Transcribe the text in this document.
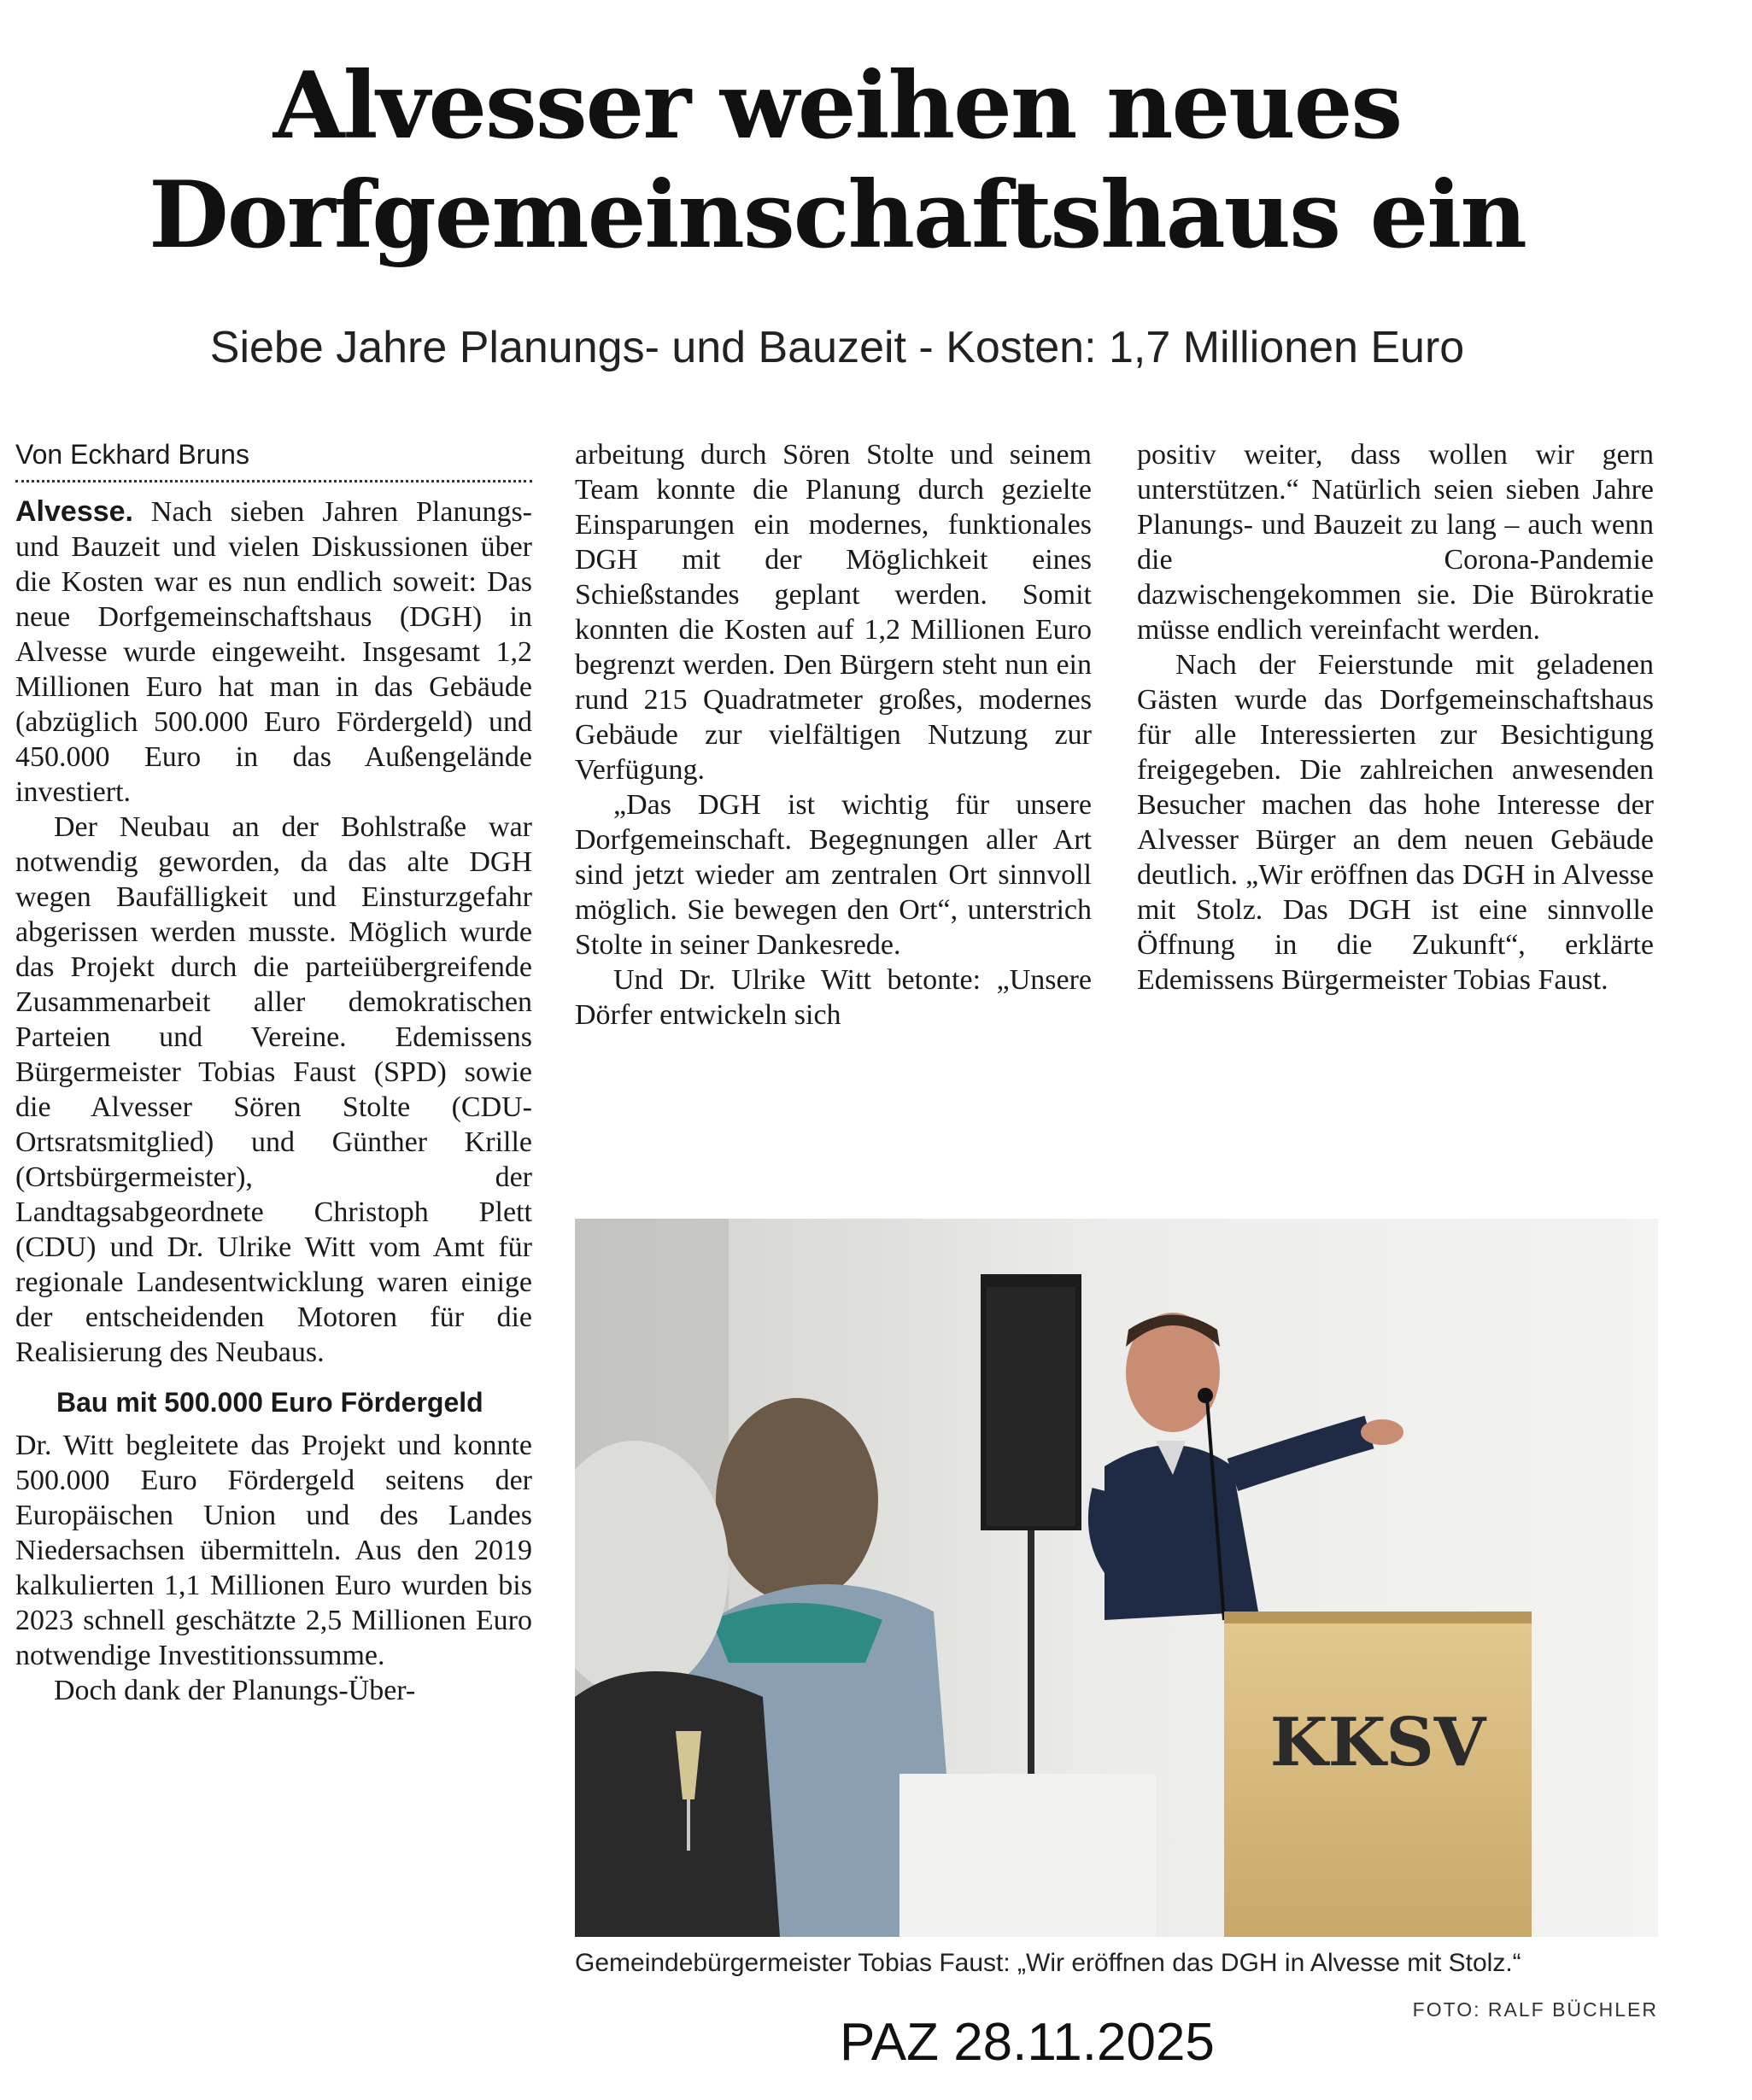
Alvesser weihen neues
Dorfgemeinschaftshaus ein
Siebe Jahre Planungs- und Bauzeit - Kosten: 1,7 Millionen Euro
Von Eckhard Bruns

Alvesse. Nach sieben Jahren Planungs-und Bauzeit und vielen Diskussionen über die Kosten war es nun endlich soweit: Das neue Dorfgemeinschaftshaus (DGH) in Alvesse wurde eingeweiht. Insgesamt 1,2 Millionen Euro hat man in das Gebäude (abzüglich 500.000 Euro Fördergeld) und 450.000 Euro in das Außengelände investiert.

Der Neubau an der Bohlstraße war notwendig geworden, da das alte DGH wegen Baufälligkeit und Einsturzgefahr abgerissen werden musste. Möglich wurde das Projekt durch die parteiübergreifende Zusammenarbeit aller demokratischen Parteien und Vereine. Edemissens Bürgermeister Tobias Faust (SPD) sowie die Alvesser Sören Stolte (CDU-Ortsratsmitglied) und Günther Krille (Ortsbürgermeister), der Landtagsabgeordnete Christoph Plett (CDU) und Dr. Ulrike Witt vom Amt für regionale Landesentwicklung waren einige der entscheidenden Motoren für die Realisierung des Neubaus.

Bau mit 500.000 Euro Fördergeld

Dr. Witt begleitete das Projekt und konnte 500.000 Euro Fördergeld seitens der Europäischen Union und des Landes Niedersachsen übermitteln. Aus den 2019 kalkulierten 1,1 Millionen Euro wurden bis 2023 schnell geschätzte 2,5 Millionen Euro notwendige Investitionssumme.

Doch dank der Planungs-Über-

arbeitung durch Sören Stolte und seinem Team konnte die Planung durch gezielte Einsparungen ein modernes, funktionales DGH mit der Möglichkeit eines Schießstandes geplant werden. Somit konnten die Kosten auf 1,2 Millionen Euro begrenzt werden. Den Bürgern steht nun ein rund 215 Quadratmeter großes, modernes Gebäude zur vielfältigen Nutzung zur Verfügung.

„Das DGH ist wichtig für unsere Dorfgemeinschaft. Begegnungen aller Art sind jetzt wieder am zentralen Ort sinnvoll möglich. Sie bewegen den Ort“, unterstrich Stolte in seiner Dankesrede.

Und Dr. Ulrike Witt betonte: „Unsere Dörfer entwickeln sich

positiv weiter, dass wollen wir gern unterstützen.“ Natürlich seien sieben Jahre Planungs- und Bauzeit zu lang – auch wenn die Corona-Pandemie dazwischengekommen sie. Die Bürokratie müsse endlich vereinfacht werden.

Nach der Feierstunde mit geladenen Gästen wurde das Dorfgemeinschaftshaus für alle Interessierten zur Besichtigung freigegeben. Die zahlreichen anwesenden Besucher machen das hohe Interesse der Alvesser Bürger an dem neuen Gebäude deutlich. „Wir eröffnen das DGH in Alvesse mit Stolz. Das DGH ist eine sinnvolle Öffnung in die Zukunft“, erklärte Edemissens Bürgermeister Tobias Faust.

KKSV
Gemeindebürgermeister Tobias Faust: „Wir eröffnen das DGH in Alvesse mit Stolz.“
FOTO: RALF BÜCHLER
PAZ 28.11.2025
